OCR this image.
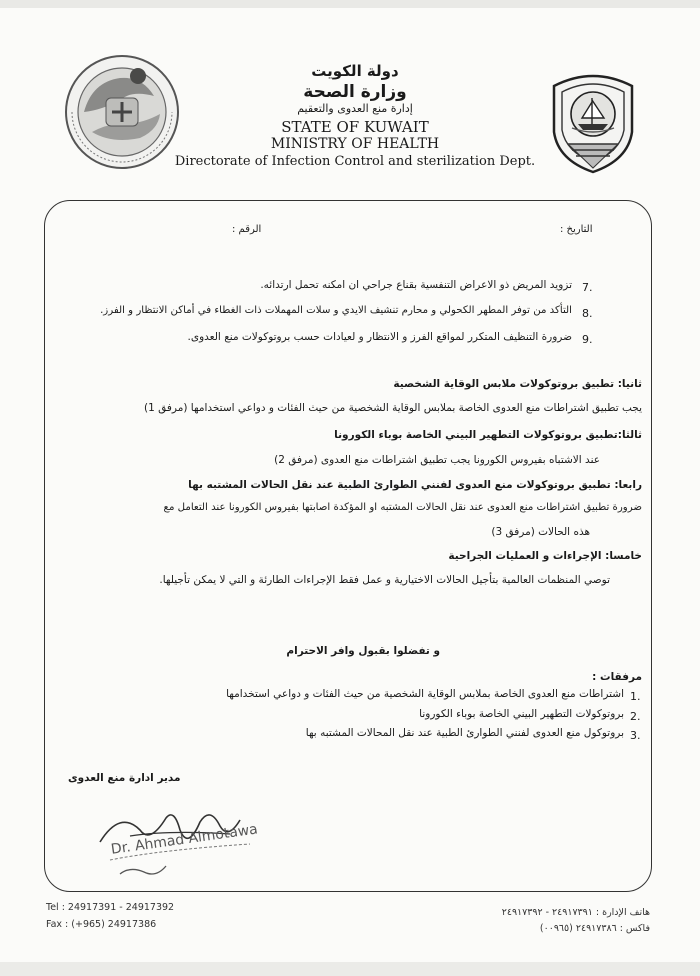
دولة الكويت
وزارة الصحة
إدارة منع العدوى والتعقيم
STATE OF KUWAIT
MINISTRY OF HEALTH
Directorate of Infection Control and sterilization Dept.
التاريخ :
الرقم :
7.
تزويد المريض ذو الاعراض التنفسية بقناع جراحي ان امكنه تحمل ارتدائه.
8.
التأكد من توفر المطهر الكحولي و محارم تنشيف الايدي و سلات المهملات ذات الغطاء في أماكن الانتظار و الفرز.
9.
ضرورة التنظيف المتكرر لمواقع الفرز و الانتظار و لعيادات حسب بروتوكولات منع العدوى.
ثانيا: تطبيق بروتوكولات ملابس الوقاية الشخصية
يجب تطبيق اشتراطات منع العدوى الخاصة بملابس الوقاية الشخصية من حيث الفئات و دواعي استخدامها (مرفق 1)
ثالثا:تطبيق بروتوكولات التطهير البيني الخاصة بوباء الكورونا
عند الاشتباه بفيروس الكورونا يجب تطبيق اشتراطات منع العدوى (مرفق 2)
رابعا: تطبيق بروتوكولات منع العدوى لفنني الطوارئ الطبية عند نقل الحالات المشتبه بها
ضرورة تطبيق اشتراطات منع العدوى عند نقل الحالات المشتبه او المؤكدة اصابتها بفيروس الكورونا عند التعامل مع
هذه الحالات (مرفق 3)
خامسا: الإجراءات و العمليات الجراحية
توصي المنظمات العالمية بتأجيل الحالات الاختيارية و عمل فقط الإجراءات الطارئة و التي لا يمكن تأجيلها.
و تفضلوا بقبول وافر الاحترام
مرفقات :
1.
اشتراطات منع العدوى الخاصة بملابس الوقاية الشخصية من حيث الفئات و دواعي استخدامها
2.
بروتوكولات التطهير البيني الخاصة بوباء الكورونا
3.
بروتوكول منع العدوى لفنني الطوارئ الطبية عند نقل المحالات المشتبه بها
مدير ادارة منع العدوى
Dr. Ahmad Almotawa
Tel : 24917391 - 24917392
Fax : (+965) 24917386
هاتف الإدارة : ٢٤٩١٧٣٩١ - ٢٤٩١٧٣٩٢
فاكس : ٢٤٩١٧٣٨٦ (٠٠٩٦٥)
